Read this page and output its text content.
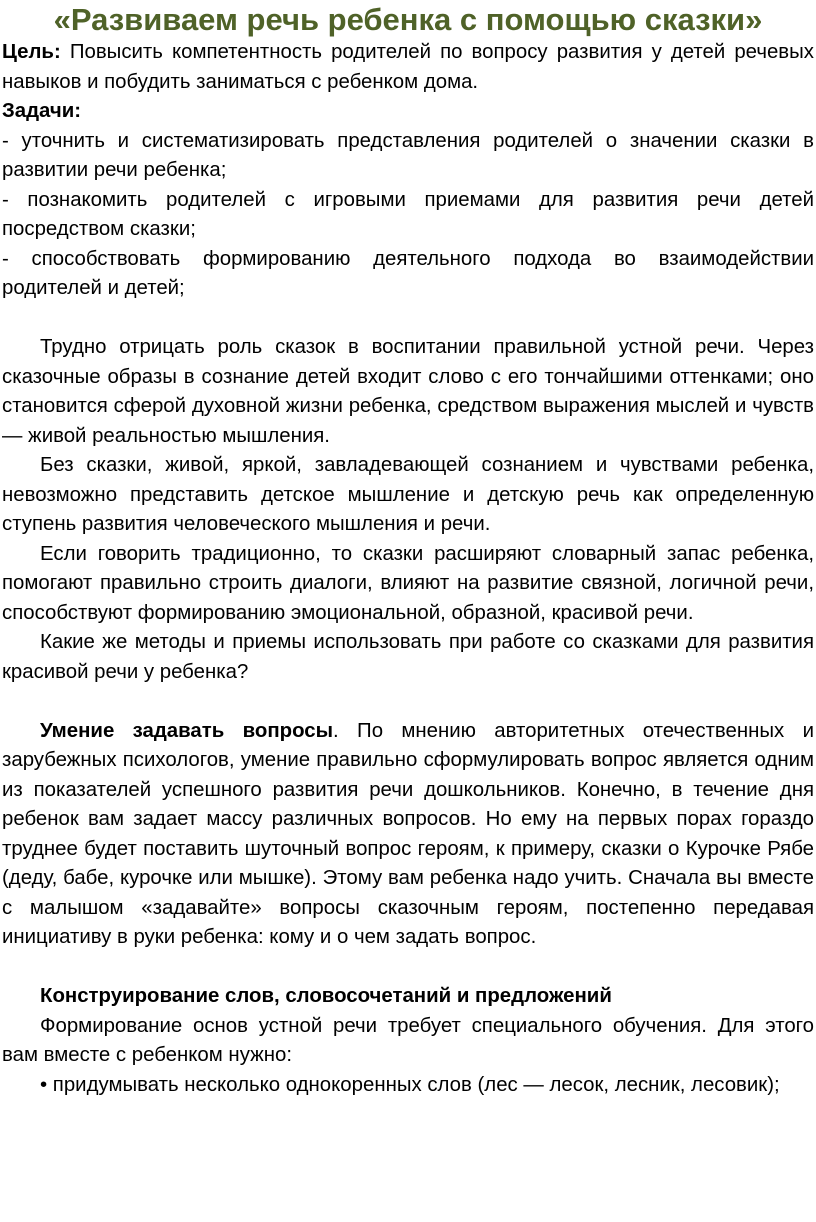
«Развиваем речь ребенка с помощью сказки»

Цель: Повысить компетентность родителей по вопросу развития у детей речевых навыков и побудить заниматься с ребенком дома.

Задачи:

- уточнить и систематизировать представления родителей о значении сказки в развитии речи ребенка;

- познакомить родителей с игровыми приемами для развития речи детей посредством сказки;

- способствовать формированию деятельного подхода во взаимодействии родителей и детей;

Трудно отрицать роль сказок в воспитании правильной устной речи. Через сказочные образы в сознание детей входит слово с его тончайшими оттенками; оно становится сферой духовной жизни ребенка, средством выражения мыслей и чувств — живой реальностью мышления.

Без сказки, живой, яркой, завладевающей сознанием и чувствами ребенка, невозможно представить детское мышление и детскую речь как определенную ступень развития человеческого мышления и речи.

Если говорить традиционно, то сказки расширяют словарный запас ребенка, помогают правильно строить диалоги, влияют на развитие связной, логичной речи, способствуют формированию эмоциональной, образной, красивой речи.

Какие же методы и приемы использовать при работе со сказками для развития красивой речи у ребенка?

Умение задавать вопросы. По мнению авторитетных отечественных и зарубежных психологов, умение правильно сформулировать вопрос является одним из показателей успешного развития речи дошкольников. Конечно, в течение дня ребенок вам задает массу различных вопросов. Но ему на первых порах гораздо труднее будет поставить шуточный вопрос героям, к примеру, сказки о Курочке Рябе (деду, бабе, курочке или мышке). Этому вам ребенка надо учить. Сначала вы вместе с малышом «задавайте» вопросы сказочным героям, постепенно передавая инициативу в руки ребенка: кому и о чем задать вопрос.

Конструирование слов, словосочетаний и предложений

Формирование основ устной речи требует специального обучения. Для этого вам вместе с ребенком нужно:

• придумывать несколько однокоренных слов (лес — лесок, лесник, лесовик);
